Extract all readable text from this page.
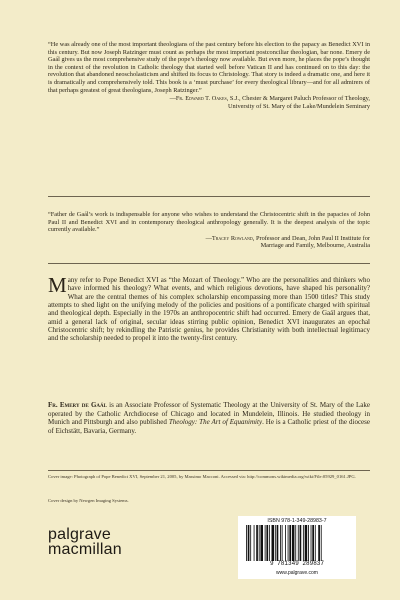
“He was already one of the most important theologians of the past century before his election to the papacy as Benedict XVI in this century. But now Joseph Ratzinger must count as perhaps the most important postconciliar theologian, bar none. Emery de Gaál gives us the most comprehensive study of the pope’s theology now available. But even more, he places the pope’s thought in the context of the revolution in Catholic theology that started well before Vatican II and has continued on to this day: the revolution that abandoned neoscholasticism and shifted its focus to Christology. That story is indeed a dramatic one, and here it is dramatically and comprehensively told. This book is a ‘must purchase’ for every theological library—and for all admirers of that perhaps greatest of great theologians, Joseph Ratzinger.”
—Fr. Edward T. Oakes, S.J., Chester & Margaret Paluch Professor of Theology,
University of St. Mary of the Lake/Mundelein Seminary
“Father de Gaál’s work is indispensable for anyone who wishes to understand the Christocentric shift in the papacies of John Paul II and Benedict XVI and in contemporary theological anthropology generally. It is the deepest analysis of the topic currently available.”
—Tracey Rowland, Professor and Dean, John Paul II Institute for
Marriage and Family, Melbourne, Australia
Many refer to Pope Benedict XVI as “the Mozart of Theology.” Who are the personalities and thinkers who have informed his theology? What events, and which religious devotions, have shaped his personality? What are the central themes of his complex scholarship encompassing more than 1500 titles? This study attempts to shed light on the unifying melody of the policies and positions of a pontificate charged with spiritual and theological depth. Especially in the 1970s an anthropocentric shift had occurred. Emery de Gaál argues that, amid a general lack of original, secular ideas stirring public opinion, Benedict XVI inaugurates an epochal Christocentric shift; by rekindling the Patristic genius, he provides Christianity with both intellectual legitimacy and the scholarship needed to propel it into the twenty-first century.
Fr. Emery de Gaál is an Associate Professor of Systematic Theology at the University of St. Mary of the Lake operated by the Catholic Archdiocese of Chicago and located in Mundelein, Illinois. He studied theology in Munich and Pittsburgh and also published Theology: The Art of Equanimity. He is a Catholic priest of the diocese of Eichstätt, Bavaria, Germany.
Cover image: Photograph of Pope Benedict XVI, September 21, 2005, by Massimo Macconi. Accessed via: http://commons.wikimedia.org/wiki/File:05929_0161.JPG.
Cover design by Newgen Imaging Systems.
palgrave
macmillan
ISBN 978-1-349-28983-7
9 781349 289837
www.palgrave.com
